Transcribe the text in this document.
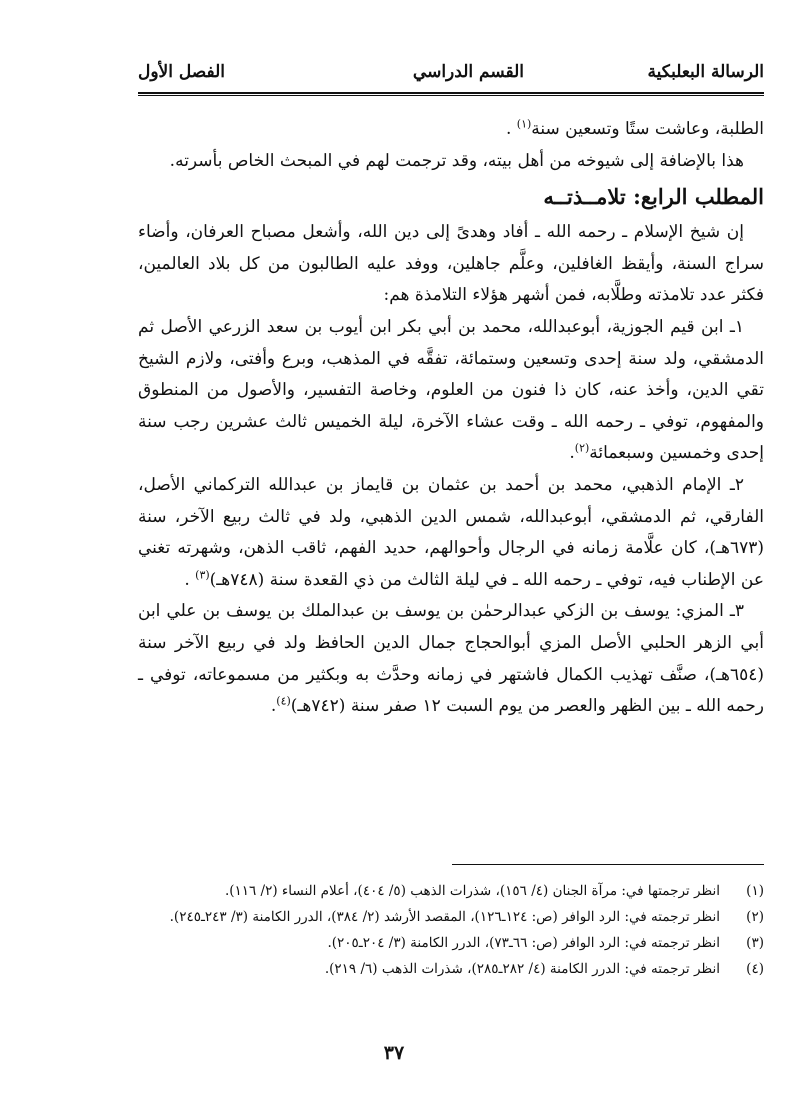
الرسالة البعلبكية
القسم الدراسي
الفصل الأول

الطلبة، وعاشت ستًا وتسعين سنة$^{(١)}$ .

هذا بالإضافة إلى شيوخه من أهل بيته، وقد ترجمت لهم في المبحث الخاص بأسرته.

المطلب الرابع: تلامــذتــه

إن شيخ الإسلام ـ رحمه الله ـ أفاد وهدىً إلى دين الله، وأشعل مصباح العرفان، وأضاء سراج السنة، وأيقظ الغافلين، وعلَّم جاهلين، ووفد عليه الطالبون من كل بلاد العالمين، فكثر عدد تلامذته وطلَّابه، فمن أشهر هؤلاء التلامذة هم:

١ـ ابن قيم الجوزية، أبوعبدالله، محمد بن أبي بكر ابن أيوب بن سعد الزرعي الأصل ثم الدمشقي، ولد سنة إحدى وتسعين وستمائة، تفقَّه في المذهب، وبرع وأفتى، ولازم الشيخ تقي الدين، وأخذ عنه، كان ذا فنون من العلوم، وخاصة التفسير، والأصول من المنطوق والمفهوم، توفي ـ رحمه الله ـ وقت عشاء الآخرة، ليلة الخميس ثالث عشرين رجب سنة إحدى وخمسين وسبعمائة$^{(٢)}$.

٢ـ الإمام الذهبي، محمد بن أحمد بن عثمان بن قايماز بن عبدالله التركماني الأصل، الفارقي، ثم الدمشقي، أبوعبدالله، شمس الدين الذهبي، ولد في ثالث ربيع الآخر، سنة (٦٧٣هـ)، كان علَّامة زمانه في الرجال وأحوالهم، حديد الفهم، ثاقب الذهن، وشهرته تغني عن الإطناب فيه، توفي ـ رحمه الله ـ في ليلة الثالث من ذي القعدة سنة (٧٤٨هـ)$^{(٣)}$ .

٣ـ المزي: يوسف بن الزكي عبدالرحمٰن بن يوسف بن عبدالملك بن يوسف بن علي ابن أبي الزهر الحلبي الأصل المزي أبوالحجاج جمال الدين الحافظ ولد في ربيع الآخر سنة (٦٥٤هـ)، صنَّف تهذيب الكمال فاشتهر في زمانه وحدَّث به وبكثير من مسموعاته، توفي ـ رحمه الله ـ بين الظهر والعصر من يوم السبت ١٢ صفر سنة (٧٤٢هـ)$^{(٤)}$.

(١)
انظر ترجمتها في: مرآة الجنان (٤/ ١٥٦)، شذرات الذهب (٥/ ٤٠٤)، أعلام النساء (٢/ ١١٦).
(٢)
انظر ترجمته في: الرد الوافر (ص: ١٢٤ـ١٢٦)، المقصد الأرشد (٢/ ٣٨٤)، الدرر الكامنة (٣/ ٢٤٣ـ٢٤٥).
(٣)
انظر ترجمته في: الرد الوافر (ص: ٦٦ـ٧٣)، الدرر الكامنة (٣/ ٢٠٤ـ٢٠٥).
(٤)
انظر ترجمته في: الدرر الكامنة (٤/ ٢٨٢ـ٢٨٥)، شذرات الذهب (٦/ ٢١٩).
٣٧
